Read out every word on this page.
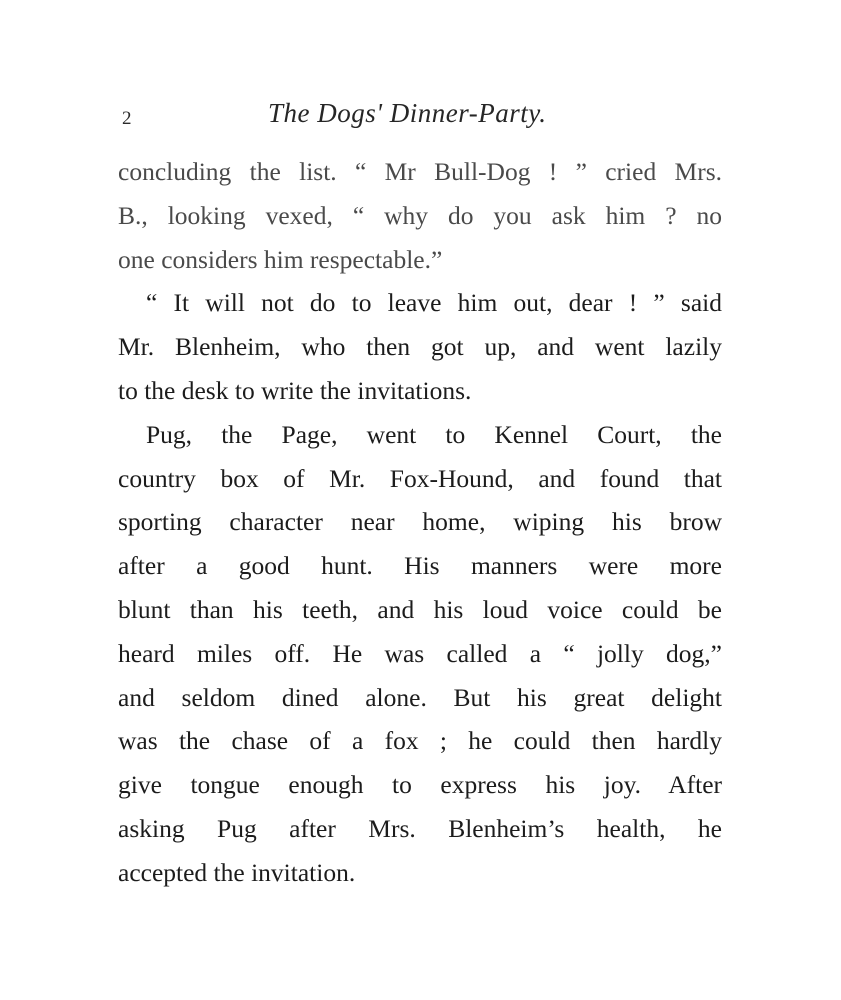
2	The Dogs' Dinner-Party.
concluding the list. “ Mr Bull-Dog ! ” cried Mrs.
B., looking vexed, “ why do you ask him ? no
one considers him respectable.”
“ It will not do to leave him out, dear ! ” said
Mr. Blenheim, who then got up, and went lazily
to the desk to write the invitations.
Pug, the Page, went to Kennel Court, the
country box of Mr. Fox-Hound, and found that
sporting character near home, wiping his brow
after a good hunt. His manners were more
blunt than his teeth, and his loud voice could be
heard miles off. He was called a “ jolly dog,”
and seldom dined alone. But his great delight
was the chase of a fox ; he could then hardly
give tongue enough to express his joy. After
asking Pug after Mrs. Blenheim’s health, he
accepted the invitation.
